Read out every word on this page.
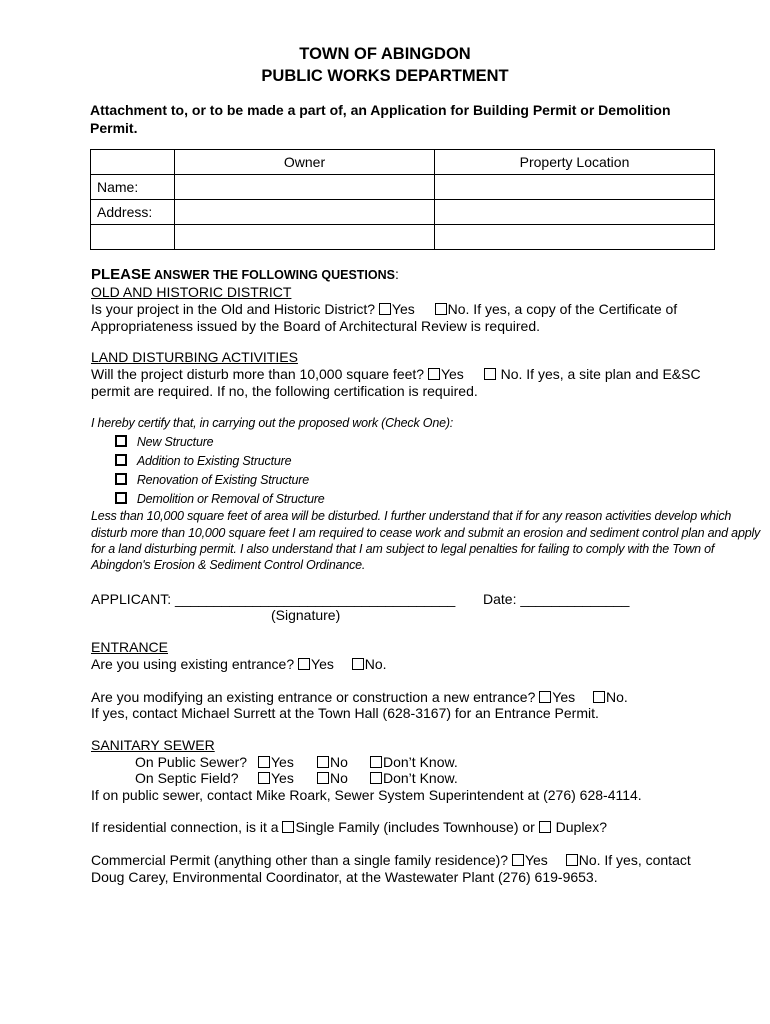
TOWN OF ABINGDON
PUBLIC WORKS DEPARTMENT
Attachment to, or to be made a part of, an Application for Building Permit or Demolition
Permit.
	Owner	Property Location
Name:		
Address:		

PLEASE ANSWER THE FOLLOWING QUESTIONS:
OLD AND HISTORIC DISTRICT
Is your project in the Old and Historic District? Yes No. If yes, a copy of the Certificate of
Appropriateness issued by the Board of Architectural Review is required.
LAND DISTURBING ACTIVITIES
Will the project disturb more than 10,000 square feet? Yes	No. If yes, a site plan and E&SC
permit are required. If no, the following certification is required.
I hereby certify that, in carrying out the proposed work (Check One):
New Structure
Addition to Existing Structure
Renovation of Existing Structure
Demolition or Removal of Structure
Less than 10,000 square feet of area will be disturbed. I further understand that if for any reason activities develop which
disturb more than 10,000 square feet I am required to cease work and submit an erosion and sediment control plan and apply
for a land disturbing permit. I also understand that I am subject to legal penalties for failing to comply with the Town of
Abingdon's Erosion & Sediment Control Ordinance.
APPLICANT: ____________________________________ Date: ______________
(Signature)
ENTRANCE
Are you using existing entrance? Yes No.
Are you modifying an existing entrance or construction a new entrance? Yes No.
If yes, contact Michael Surrett at the Town Hall (628-3167) for an Entrance Permit.
SANITARY SEWER
On Public Sewer?	Yes	No	Don’t Know.
On Septic Field?	Yes	No	Don’t Know.
If on public sewer, contact Mike Roark, Sewer System Superintendent at (276) 628-4114.
If residential connection, is it a Single Family (includes Townhouse) or  Duplex?
Commercial Permit (anything other than a single family residence)? Yes No. If yes, contact
Doug Carey, Environmental Coordinator, at the Wastewater Plant (276) 619-9653.
